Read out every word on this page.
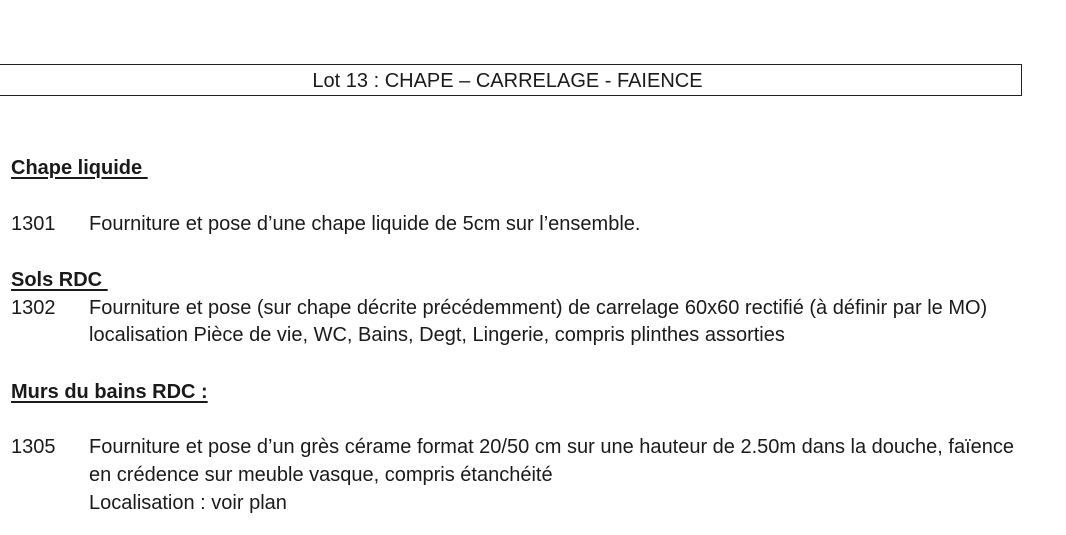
Lot 13 : CHAPE – CARRELAGE - FAIENCE
Chape liquide
1301 Fourniture et pose d’une chape liquide de 5cm sur l’ensemble.
Sols RDC
1302 Fourniture et pose (sur chape décrite précédemment) de carrelage 60x60 rectifié (à définir par le MO)
localisation Pièce de vie, WC, Bains, Degt, Lingerie, compris plinthes assorties
Murs du bains RDC :
1305 Fourniture et pose d’un grès cérame format 20/50 cm sur une hauteur de 2.50m dans la douche, faïence
en crédence sur meuble vasque, compris étanchéité
Localisation : voir plan
